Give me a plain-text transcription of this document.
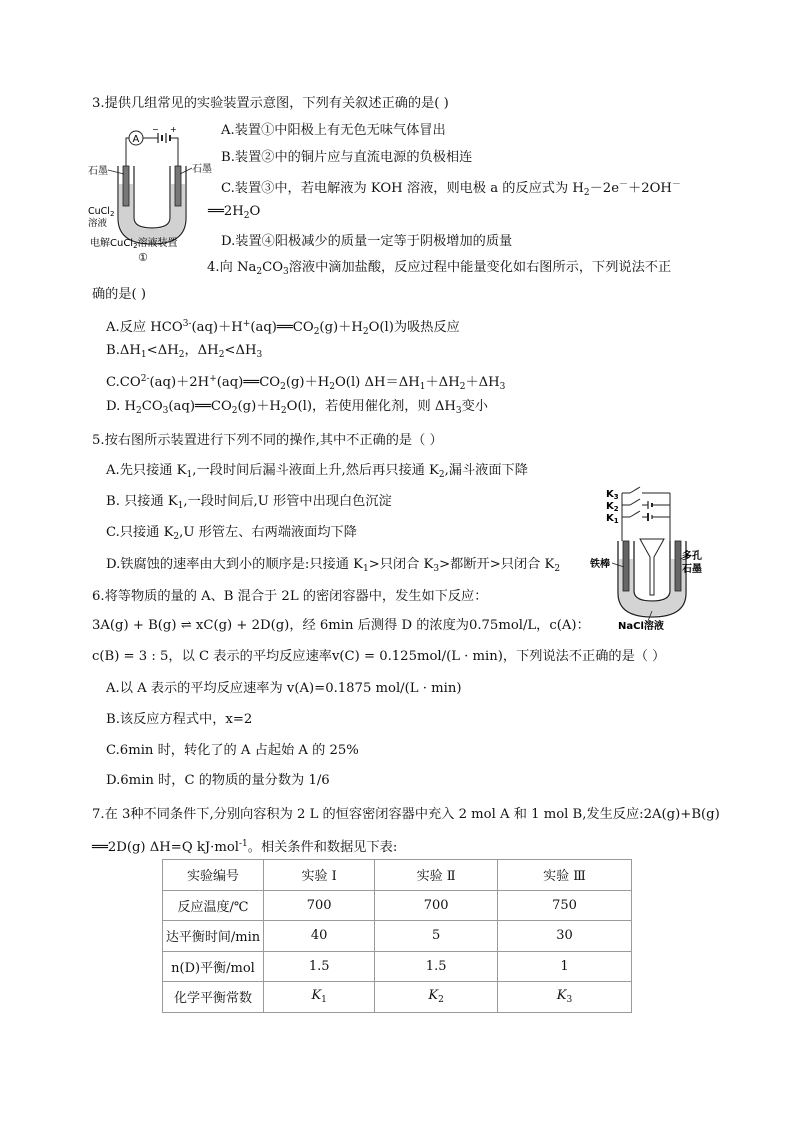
3.提供几组常见的实验装置示意图，下列有关叙述正确的是( )
A
− +
石墨	石墨
CuCl$_2$
溶液
电解CuCl$_2$溶液装置
①
A.装置①中阳极上有无色无味气体冒出
B.装置②中的铜片应与直流电源的负极相连
C.装置③中，若电解液为 KOH 溶液，则电极 a 的反应式为 $H_2-2e^-+2OH^-$
$══2H_2O$
D.装置④阳极减少的质量一定等于阴极增加的质量
4.向 $Na_2CO_3$溶液中滴加盐酸，反应过程中能量变化如右图所示，下列说法不正
确的是( )
A.反应 $HCO^{3-}(aq)+H^+(aq)══CO_2(g)+H_2O(l)$为吸热反应
$B.\Delta H_1<\Delta H_2$，$\Delta H_2<\Delta H_3$
$C.CO^{2-}(aq)+2H^+(aq)══CO_2(g)+H_2O(l)$ $\Delta H=\Delta H_1+\Delta H_2+\Delta H_3$
D. $H_2CO_3(aq)══CO_2(g)+H_2O(l)$，若使用催化剂，则 $\Delta H_3$变小
5.按右图所示装置进行下列不同的操作,其中不正确的是（ ）
A.先只接通 $K_1$,一段时间后漏斗液面上升,然后再只接通 $K_2$,漏斗液面下降
B. 只接通 $K_1$,一段时间后,U 形管中出现白色沉淀
C.只接通 $K_2,U$ 形管左、右两端液面均下降
D.铁腐蚀的速率由大到小的顺序是:只接通 $K_1>$只闭合 $K_3>$都断开>只闭合 $K_2$
$K_3$
$K_2$
$K_1$
铁棒
多孔
石墨
NaCl溶液
6.将等物质的量的 A、B 混合于 2L 的密闭容器中，发生如下反应：
3A(g) + B(g) ⇌ xC(g) + 2D(g)，经 6min 后测得 D 的浓度为0.75mol/L，c(A)：
c(B) = 3 : 5，以 C 表示的平均反应速率v(C) = 0.125mol/(L · min)，下列说法不正确的是（ ）
A.以 A 表示的平均反应速率为 v(A)=0.1875 mol/(L · min)
B.该反应方程式中，x=2
C.6min 时，转化了的 A 占起始 A 的 25%
D.6min 时，C 的物质的量分数为 1/6
7.在 3种不同条件下,分别向容积为 2 L 的恒容密闭容器中充入 2 mol A 和 1 mol B,发生反应:2A(g)+B(g)
══2D(g) ΔH=Q kJ·mol$^{-1}$。相关条件和数据见下表:
实验编号	实验 Ⅰ	实验 Ⅱ	实验 Ⅲ
反应温度/℃	700	700	750
达平衡时间/min	40	5	30
n(D)平衡/mol	1.5	1.5	1
化学平衡常数	$K_1$	$K_2$	$K_3$
